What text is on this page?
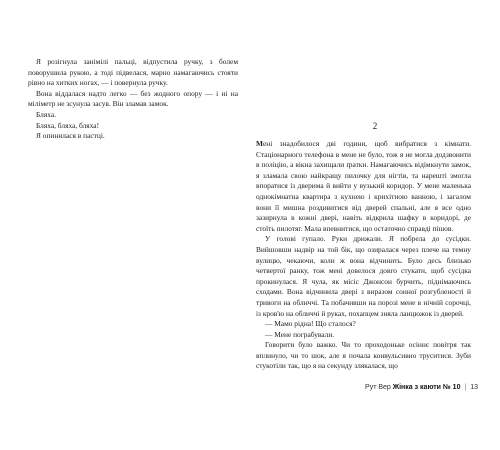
Я розігнула занімілі пальці, відпустила ручку, з болем поворушила рукою, а тоді підвелася, марно намагаючись стояти рівно на хитких ногах, — і повернула ручку.

Вона віддалася надто легко — без жодного опору — і ні на міліметр не зсунула засув. Він зламав замок.

Бляха.

Бляха, бляха, бляха!

Я опинилася в пастці.

2

Мені знадобилося дві години, щоб вибратися з кімнати. Стаціонарного телефона в мене не було, тож я не могла додзвонити в поліцію, а вікна захищали ґратки. Намагаючись відімкнути замок, я зламала свою найкращу пилочку для нігтів, та нарешті змогла впоратися із дверима й вийти у вузький коридор. У мене маленька однокімнатна квартира з кухнею і крихітною ванною, і загалом вони її мишна роздивитися від дверей спальні, але я все одно зазирнула в кожні двері, навіть відкрила шафку в коридорі, де стоїть пилотяг. Мала впевнитися, що остаточно справді пішов.

У голові гупало. Руки дрижали. Я побрела до сусідки. Вийшовши надвір на той бік, що озиралася через плече на темну вулицю, чекаючи, коли ж вона відчинить. Було десь близько четвертої ранку, тож мені довелося довго стукати, щоб сусідка прокинулася. Я чула, як місіс Джонсон бурчить, піднімаючись сходами. Вона відчинила двері з виразом сонної розгубленості й тривоги на обличчі. Та побачивши на порозі мене в нічній сорочці, із кров'ю на обличчі й руках, похапцем зняла ланцюжок із дверей.

— Мамо рідна! Що сталося?

— Мене пограбували.

Говорити було важко. Чи то проходоньке осіннє повітря так вплинуло, чи то шок, але я почала конвульсивно труситися. Зуби стукотіли так, що я на секунду злякалася, що

Рут Вер Жінка з каюти № 10 | 13
